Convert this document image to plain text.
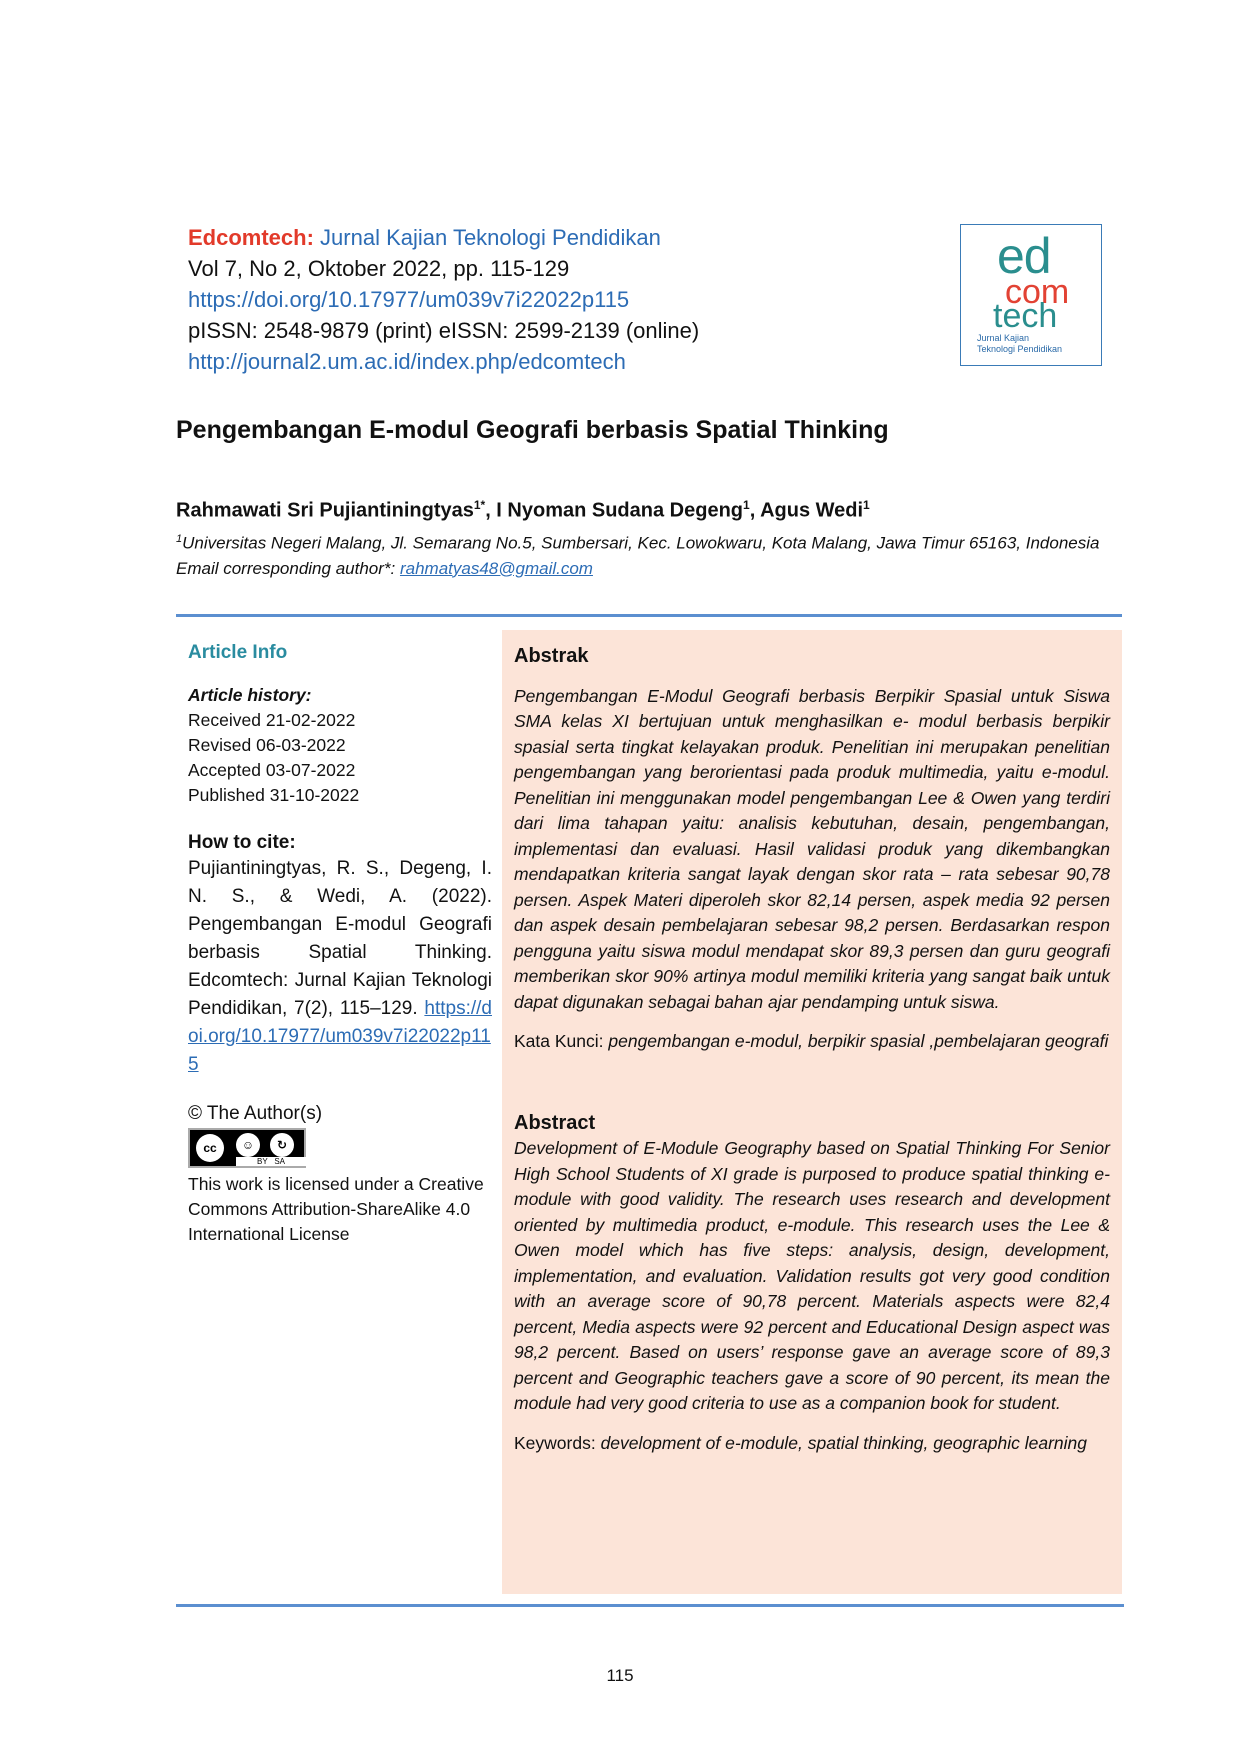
Edcomtech: Jurnal Kajian Teknologi Pendidikan
Vol 7, No 2, Oktober 2022, pp. 115-129
https://doi.org/10.17977/um039v7i22022p115
pISSN: 2548-9879 (print) eISSN: 2599-2139 (online)
http://journal2.um.ac.id/index.php/edcomtech
ed
com
tech
Jurnal Kajian
Teknologi Pendidikan
Pengembangan E-modul Geografi berbasis Spatial Thinking
Rahmawati Sri Pujiantiningtyas$^{1*}$, I Nyoman Sudana Degeng$^1$, Agus Wedi$^1$
$^1$Universitas Negeri Malang, Jl. Semarang No.5, Sumbersari, Kec. Lowokwaru, Kota Malang, Jawa Timur 65163, Indonesia
Email corresponding author*: rahmatyas48@gmail.com
Article Info
Article history:
Received 21-02-2022
Revised 06-03-2022
Accepted 03-07-2022
Published 31-10-2022
How to cite:
Pujiantiningtyas, R. S., Degeng, I. N. S., & Wedi, A. (2022). Pengembangan E-modul Geografi berbasis Spatial Thinking. Edcomtech: Jurnal Kajian Teknologi Pendidikan, 7(2), 115–129. https://doi.org/10.17977/um039v7i22022p115
© The Author(s)
cc	☺	↻
BY SA
This work is licensed under a Creative Commons Attribution-ShareAlike 4.0 International License
Abstrak
Pengembangan E-Modul Geografi berbasis Berpikir Spasial untuk Siswa SMA kelas XI bertujuan untuk menghasilkan e- modul berbasis berpikir spasial serta tingkat kelayakan produk. Penelitian ini merupakan penelitian pengembangan yang berorientasi pada produk multimedia, yaitu e-modul. Penelitian ini menggunakan model pengembangan Lee & Owen yang terdiri dari lima tahapan yaitu: analisis kebutuhan, desain, pengembangan, implementasi dan evaluasi. Hasil validasi produk yang dikembangkan mendapatkan kriteria sangat layak dengan skor rata – rata sebesar 90,78 persen. Aspek Materi diperoleh skor 82,14 persen, aspek media 92 persen dan aspek desain pembelajaran sebesar 98,2 persen. Berdasarkan respon pengguna yaitu siswa modul mendapat skor 89,3 persen dan guru geografi memberikan skor 90% artinya modul memiliki kriteria yang sangat baik untuk dapat digunakan sebagai bahan ajar pendamping untuk siswa.
Kata Kunci: pengembangan e-modul, berpikir spasial ,pembelajaran geografi
Abstract
Development of E-Module Geography based on Spatial Thinking For Senior High School Students of XI grade is purposed to produce spatial thinking e-module with good validity. The research uses research and development oriented by multimedia product, e-module. This research uses the Lee & Owen model which has five steps: analysis, design, development, implementation, and evaluation. Validation results got very good condition with an average score of 90,78 percent. Materials aspects were 82,4 percent, Media aspects were 92 percent and Educational Design aspect was 98,2 percent. Based on users’ response gave an average score of 89,3 percent and Geographic teachers gave a score of 90 percent, its mean the module had very good criteria to use as a companion book for student.
Keywords: development of e-module, spatial thinking, geographic learning
115
